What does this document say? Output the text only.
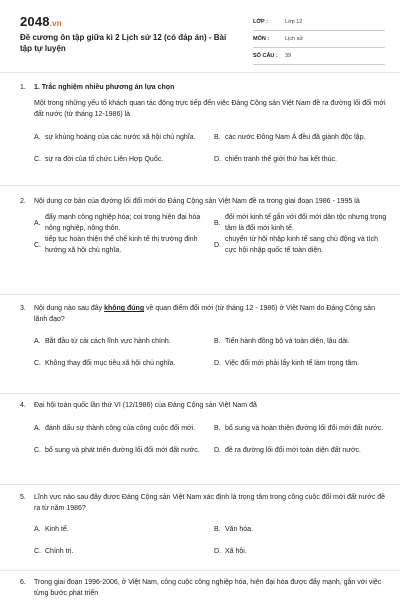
2048.vn
Đề cương ôn tập giữa kì 2 Lịch sử 12 (có đáp án) - Bài tập tự luyện
LỚP :	Lớp 12
MÔN :	Lịch sử
SỐ CÂU :	39
1.	1. Trắc nghiệm nhiều phương án lựa chọn
Một trong những yếu tố khách quan tác động trực tiếp đến việc Đảng Cộng sản Việt Nam đề ra đường lối đổi mới đất nước (từ tháng 12-1986) là
A. sự khủng hoảng của các nước xã hội chủ nghĩa.	B. các nước Đông Nam Á đều đã giành độc lập.
C. sự ra đời của tổ chức Liên Hợp Quốc.	D. chiến tranh thế giới thứ hai kết thúc.
2.	Nội dung cơ bản của đường lối đổi mới do Đảng Cộng sản Việt Nam đề ra trong giai đoạn 1986 - 1995 là
A.
đẩy mạnh công nghiệp hóa; coi trọng hiện đại hóa nông nghiệp, nông thôn.
B.
đổi mới kinh tế gắn với đổi mới dân tộc nhưng trọng tâm là đổi mới kinh tế.
C.
tiếp tục hoàn thiện thể chế kinh tế thị trường định hướng xã hội chủ nghĩa.
D.
chuyển từ hội nhập kinh tế sang chủ động và tích cực hội nhập quốc tế toàn diện.
3.	Nội dung nào sau đây không đúng về quan điểm đổi mới (từ tháng 12 - 1986) ở Việt Nam do Đảng Cộng sản lãnh đạo?
A. Bắt đầu từ cải cách lĩnh vực hành chính.	B. Tiến hành đồng bộ và toàn diện, lâu dài.
C. Không thay đổi mục tiêu xã hội chủ nghĩa.	D. Việc đổi mới phải lấy kinh tế làm trọng tâm.
4.	Đại hội toàn quốc lần thứ VI (12/1986) của Đảng Cộng sản Việt Nam đã
A. đánh dấu sự thành công của công cuộc đổi mới.	B. bổ sung và hoàn thiện đường lối đổi mới đất nước.
C. bổ sung và phát triển đường lối đổi mới đất nước.	D. đề ra đường lối đổi mới toàn diện đất nước.
5.	Lĩnh vực nào sau đây được Đảng Cộng sản Việt Nam xác định là trọng tâm trong công cuộc đổi mới đất nước đề ra từ năm 1986?
A. Kinh tế.	B. Văn hóa.
C. Chính trị.	D. Xã hội.
6.	Trong giai đoạn 1996-2006, ở Việt Nam, công cuộc công nghiệp hóa, hiện đại hóa được đẩy mạnh, gắn với việc từng bước phát triển
